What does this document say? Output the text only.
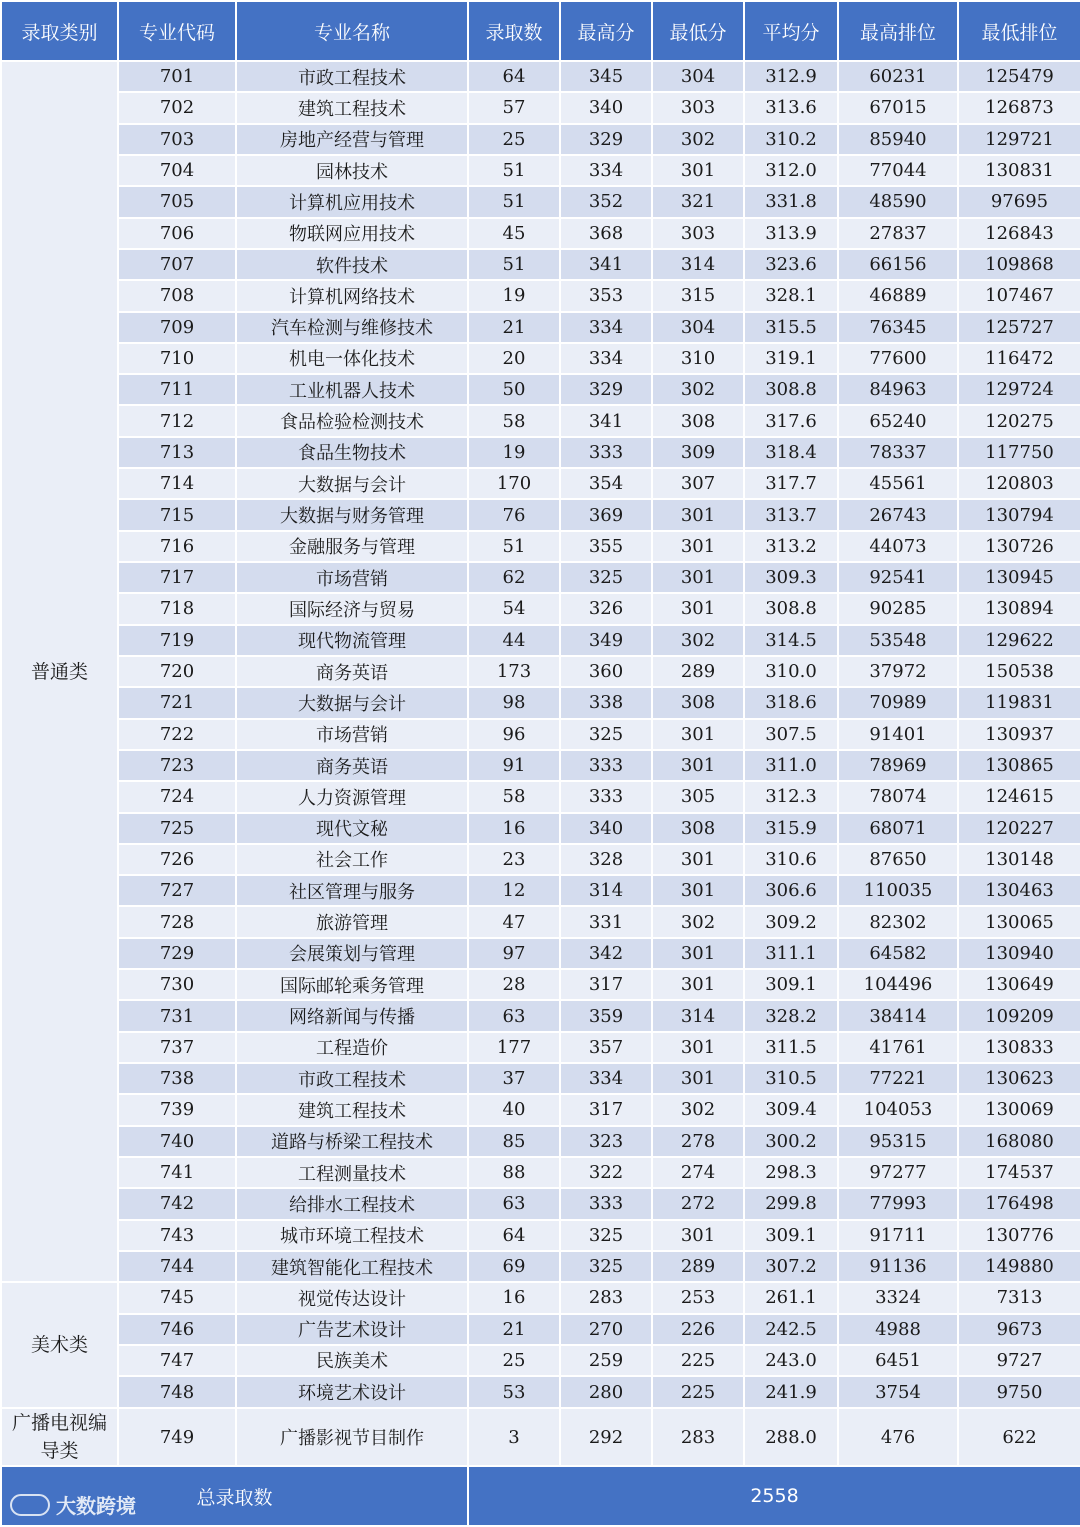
录取类别	专业代码	专业名称	录取数	最高分	最低分	平均分	最高排位	最低排位
普通类	701	市政工程技术	64	345	304	312.9	60231	125479
	702	建筑工程技术	57	340	303	313.6	67015	126873
	703	房地产经营与管理	25	329	302	310.2	85940	129721
	704	园林技术	51	334	301	312.0	77044	130831
	705	计算机应用技术	51	352	321	331.8	48590	97695
	706	物联网应用技术	45	368	303	313.9	27837	126843
	707	软件技术	51	341	314	323.6	66156	109868
	708	计算机网络技术	19	353	315	328.1	46889	107467
	709	汽车检测与维修技术	21	334	304	315.5	76345	125727
	710	机电一体化技术	20	334	310	319.1	77600	116472
	711	工业机器人技术	50	329	302	308.8	84963	129724
	712	食品检验检测技术	58	341	308	317.6	65240	120275
	713	食品生物技术	19	333	309	318.4	78337	117750
	714	大数据与会计	170	354	307	317.7	45561	120803
	715	大数据与财务管理	76	369	301	313.7	26743	130794
	716	金融服务与管理	51	355	301	313.2	44073	130726
	717	市场营销	62	325	301	309.3	92541	130945
	718	国际经济与贸易	54	326	301	308.8	90285	130894
	719	现代物流管理	44	349	302	314.5	53548	129622
	720	商务英语	173	360	289	310.0	37972	150538
	721	大数据与会计	98	338	308	318.6	70989	119831
	722	市场营销	96	325	301	307.5	91401	130937
	723	商务英语	91	333	301	311.0	78969	130865
	724	人力资源管理	58	333	305	312.3	78074	124615
	725	现代文秘	16	340	308	315.9	68071	120227
	726	社会工作	23	328	301	310.6	87650	130148
	727	社区管理与服务	12	314	301	306.6	110035	130463
	728	旅游管理	47	331	302	309.2	82302	130065
	729	会展策划与管理	97	342	301	311.1	64582	130940
	730	国际邮轮乘务管理	28	317	301	309.1	104496	130649
	731	网络新闻与传播	63	359	314	328.2	38414	109209
	737	工程造价	177	357	301	311.5	41761	130833
	738	市政工程技术	37	334	301	310.5	77221	130623
	739	建筑工程技术	40	317	302	309.4	104053	130069
	740	道路与桥梁工程技术	85	323	278	300.2	95315	168080
	741	工程测量技术	88	322	274	298.3	97277	174537
	742	给排水工程技术	63	333	272	299.8	77993	176498
	743	城市环境工程技术	64	325	301	309.1	91711	130776
	744	建筑智能化工程技术	69	325	289	307.2	91136	149880
美术类	745	视觉传达设计	16	283	253	261.1	3324	7313
	746	广告艺术设计	21	270	226	242.5	4988	9673
	747	民族美术	25	259	225	243.0	6451	9727
	748	环境艺术设计	53	280	225	241.9	3754	9750
广播电视编导类	749	广播影视节目制作	3	292	283	288.0	476	622
总录取数			2558					
大数跨境
